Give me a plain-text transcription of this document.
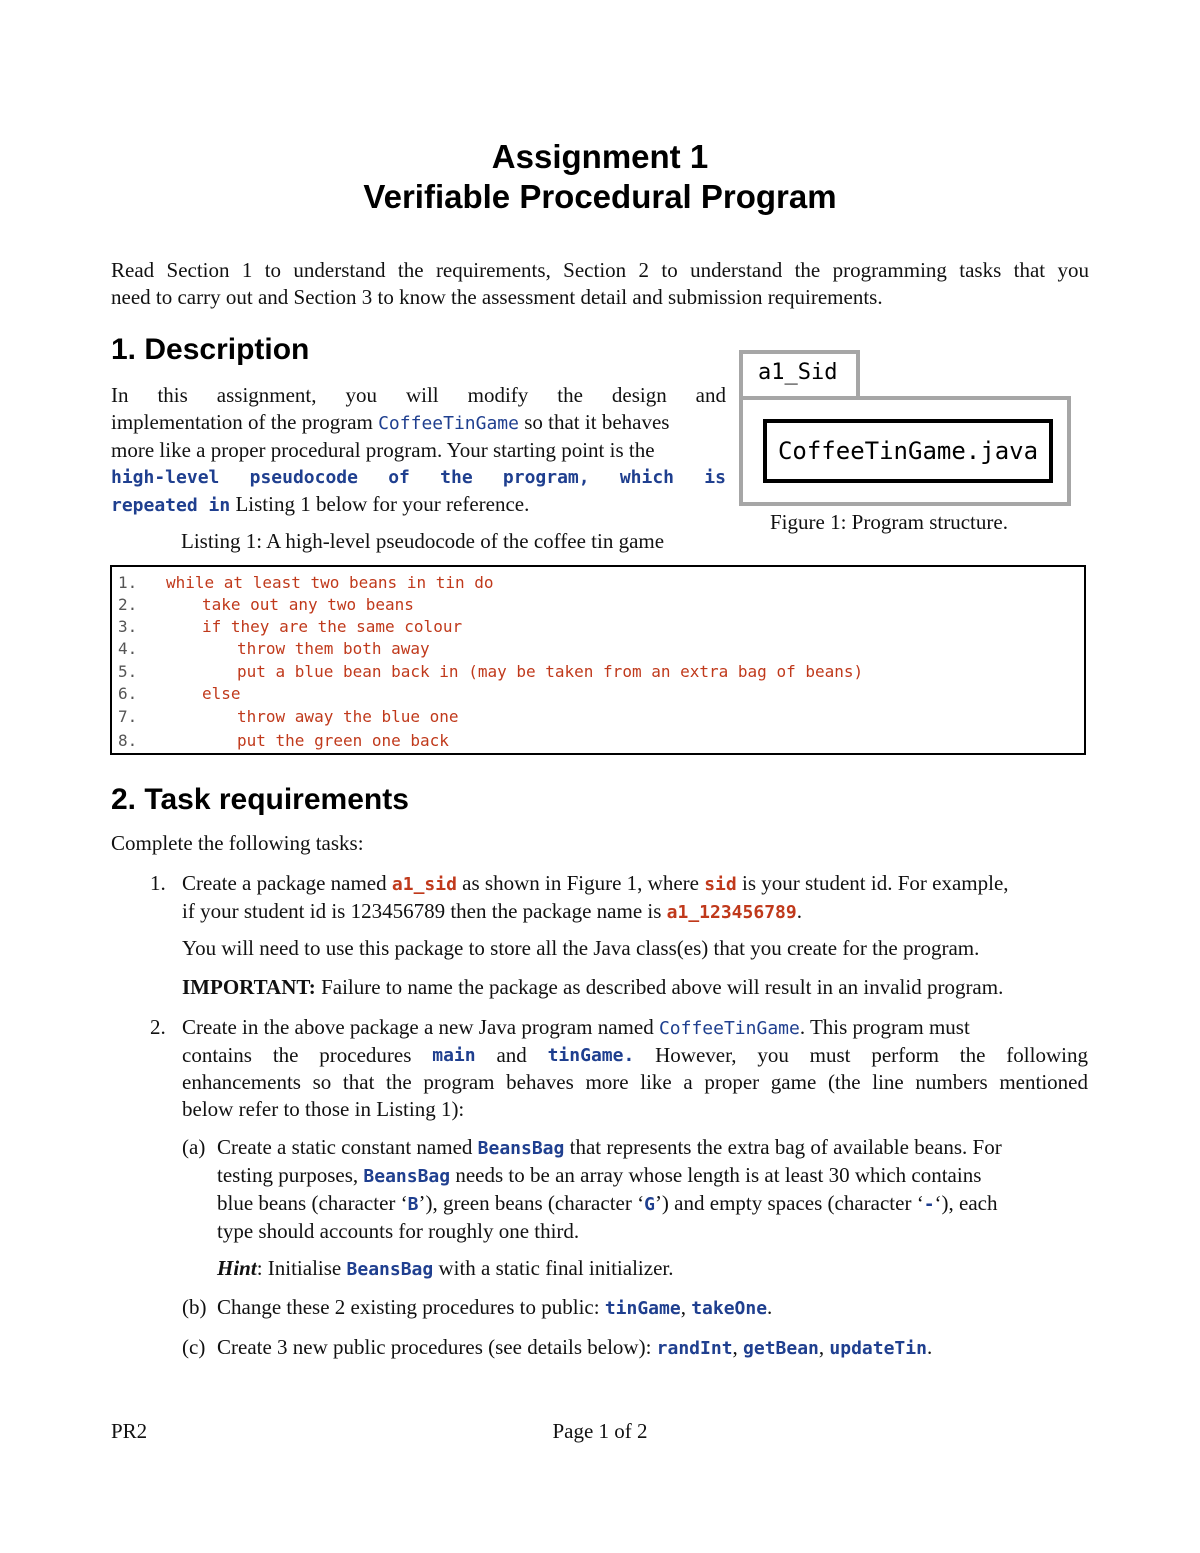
Assignment 1
Verifiable Procedural Program
Read Section 1 to understand the requirements, Section 2 to understand the programming tasks that you
need to carry out and Section 3 to know the assessment detail and submission requirements.
1. Description
In this assignment, you will modify the design and
implementation of the program CoffeeTinGame so that it behaves
more like a proper procedural program. Your starting point is the
high-level pseudocode of the program, which is
repeated in Listing 1 below for your reference.
Listing 1: A high-level pseudocode of the coffee tin game
a1_Sid
CoffeeTinGame.java
Figure 1: Program structure.
1. while at least two beans in tin do
2.	take out any two beans
3.	if they are the same colour
4.	throw them both away
5.	put a blue bean back in (may be taken from an extra bag of beans)
6.	else
7.	throw away the blue one
8.	put the green one back
2. Task requirements
Complete the following tasks:
1. Create a package named a1_sid as shown in Figure 1, where sid is your student id. For example,
if your student id is 123456789 then the package name is a1_123456789.
You will need to use this package to store all the Java class(es) that you create for the program.
IMPORTANT: Failure to name the package as described above will result in an invalid program.
2. Create in the above package a new Java program named CoffeeTinGame. This program must
contains the procedures main and tinGame. However, you must perform the following
enhancements so that the program behaves more like a proper game (the line numbers mentioned
below refer to those in Listing 1):
(a) Create a static constant named BeansBag that represents the extra bag of available beans. For
testing purposes, BeansBag needs to be an array whose length is at least 30 which contains
blue beans (character ‘B’), green beans (character ‘G’) and empty spaces (character ‘-‘), each
type should accounts for roughly one third.
Hint: Initialise BeansBag with a static final initializer.
(b) Change these 2 existing procedures to public: tinGame, takeOne.
(c) Create 3 new public procedures (see details below): randInt, getBean, updateTin.
PR2	Page 1 of 2
